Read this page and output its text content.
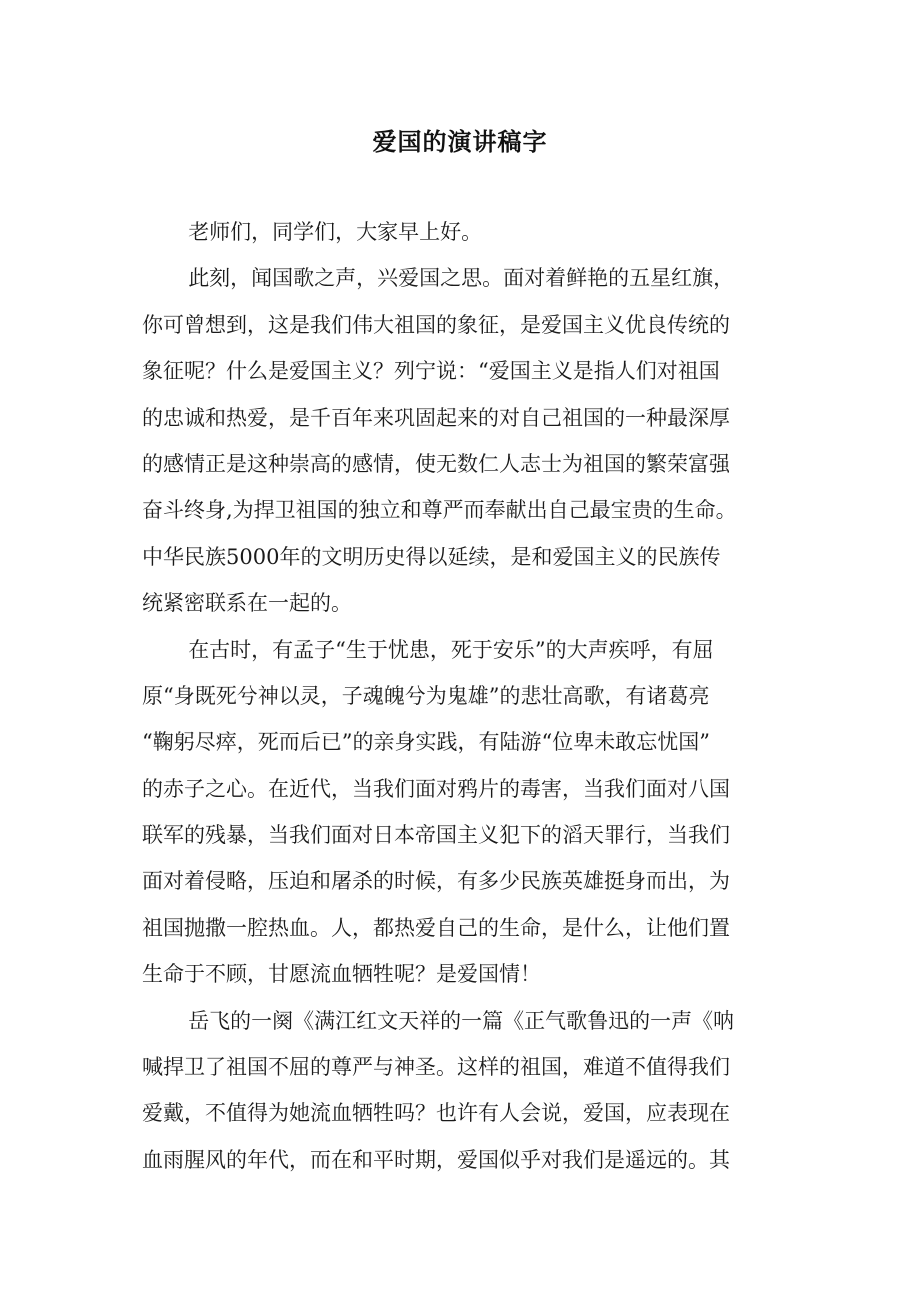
爱国的演讲稿字

老师们，同学们，大家早上好。

此刻，闻国歌之声，兴爱国之思。面对着鲜艳的五星红旗，
你可曾想到，这是我们伟大祖国的象征，是爱国主义优良传统的
象征呢？什么是爱国主义？列宁说：“爱国主义是指人们对祖国
的忠诚和热爱，是千百年来巩固起来的对自己祖国的一种最深厚
的感情正是这种崇高的感情，使无数仁人志士为祖国的繁荣富强
奋斗终身,为捍卫祖国的独立和尊严而奉献出自己最宝贵的生命。
中华民族5000年的文明历史得以延续，是和爱国主义的民族传
统紧密联系在一起的。

在古时，有孟子“生于忧患，死于安乐”的大声疾呼，有屈
原“身既死兮神以灵，子魂魄兮为鬼雄”的悲壮高歌，有诸葛亮
“鞠躬尽瘁，死而后已”的亲身实践，有陆游“位卑未敢忘忧国”
的赤子之心。在近代，当我们面对鸦片的毒害，当我们面对八国
联军的残暴，当我们面对日本帝国主义犯下的滔天罪行，当我们
面对着侵略，压迫和屠杀的时候，有多少民族英雄挺身而出，为
祖国抛撒一腔热血。人，都热爱自己的生命，是什么，让他们置
生命于不顾，甘愿流血牺牲呢？是爱国情！

岳飞的一阕《满江红文天祥的一篇《正气歌鲁迅的一声《呐
喊捍卫了祖国不屈的尊严与神圣。这样的祖国，难道不值得我们
爱戴，不值得为她流血牺牲吗？也许有人会说，爱国，应表现在
血雨腥风的年代，而在和平时期，爱国似乎对我们是遥远的。其
